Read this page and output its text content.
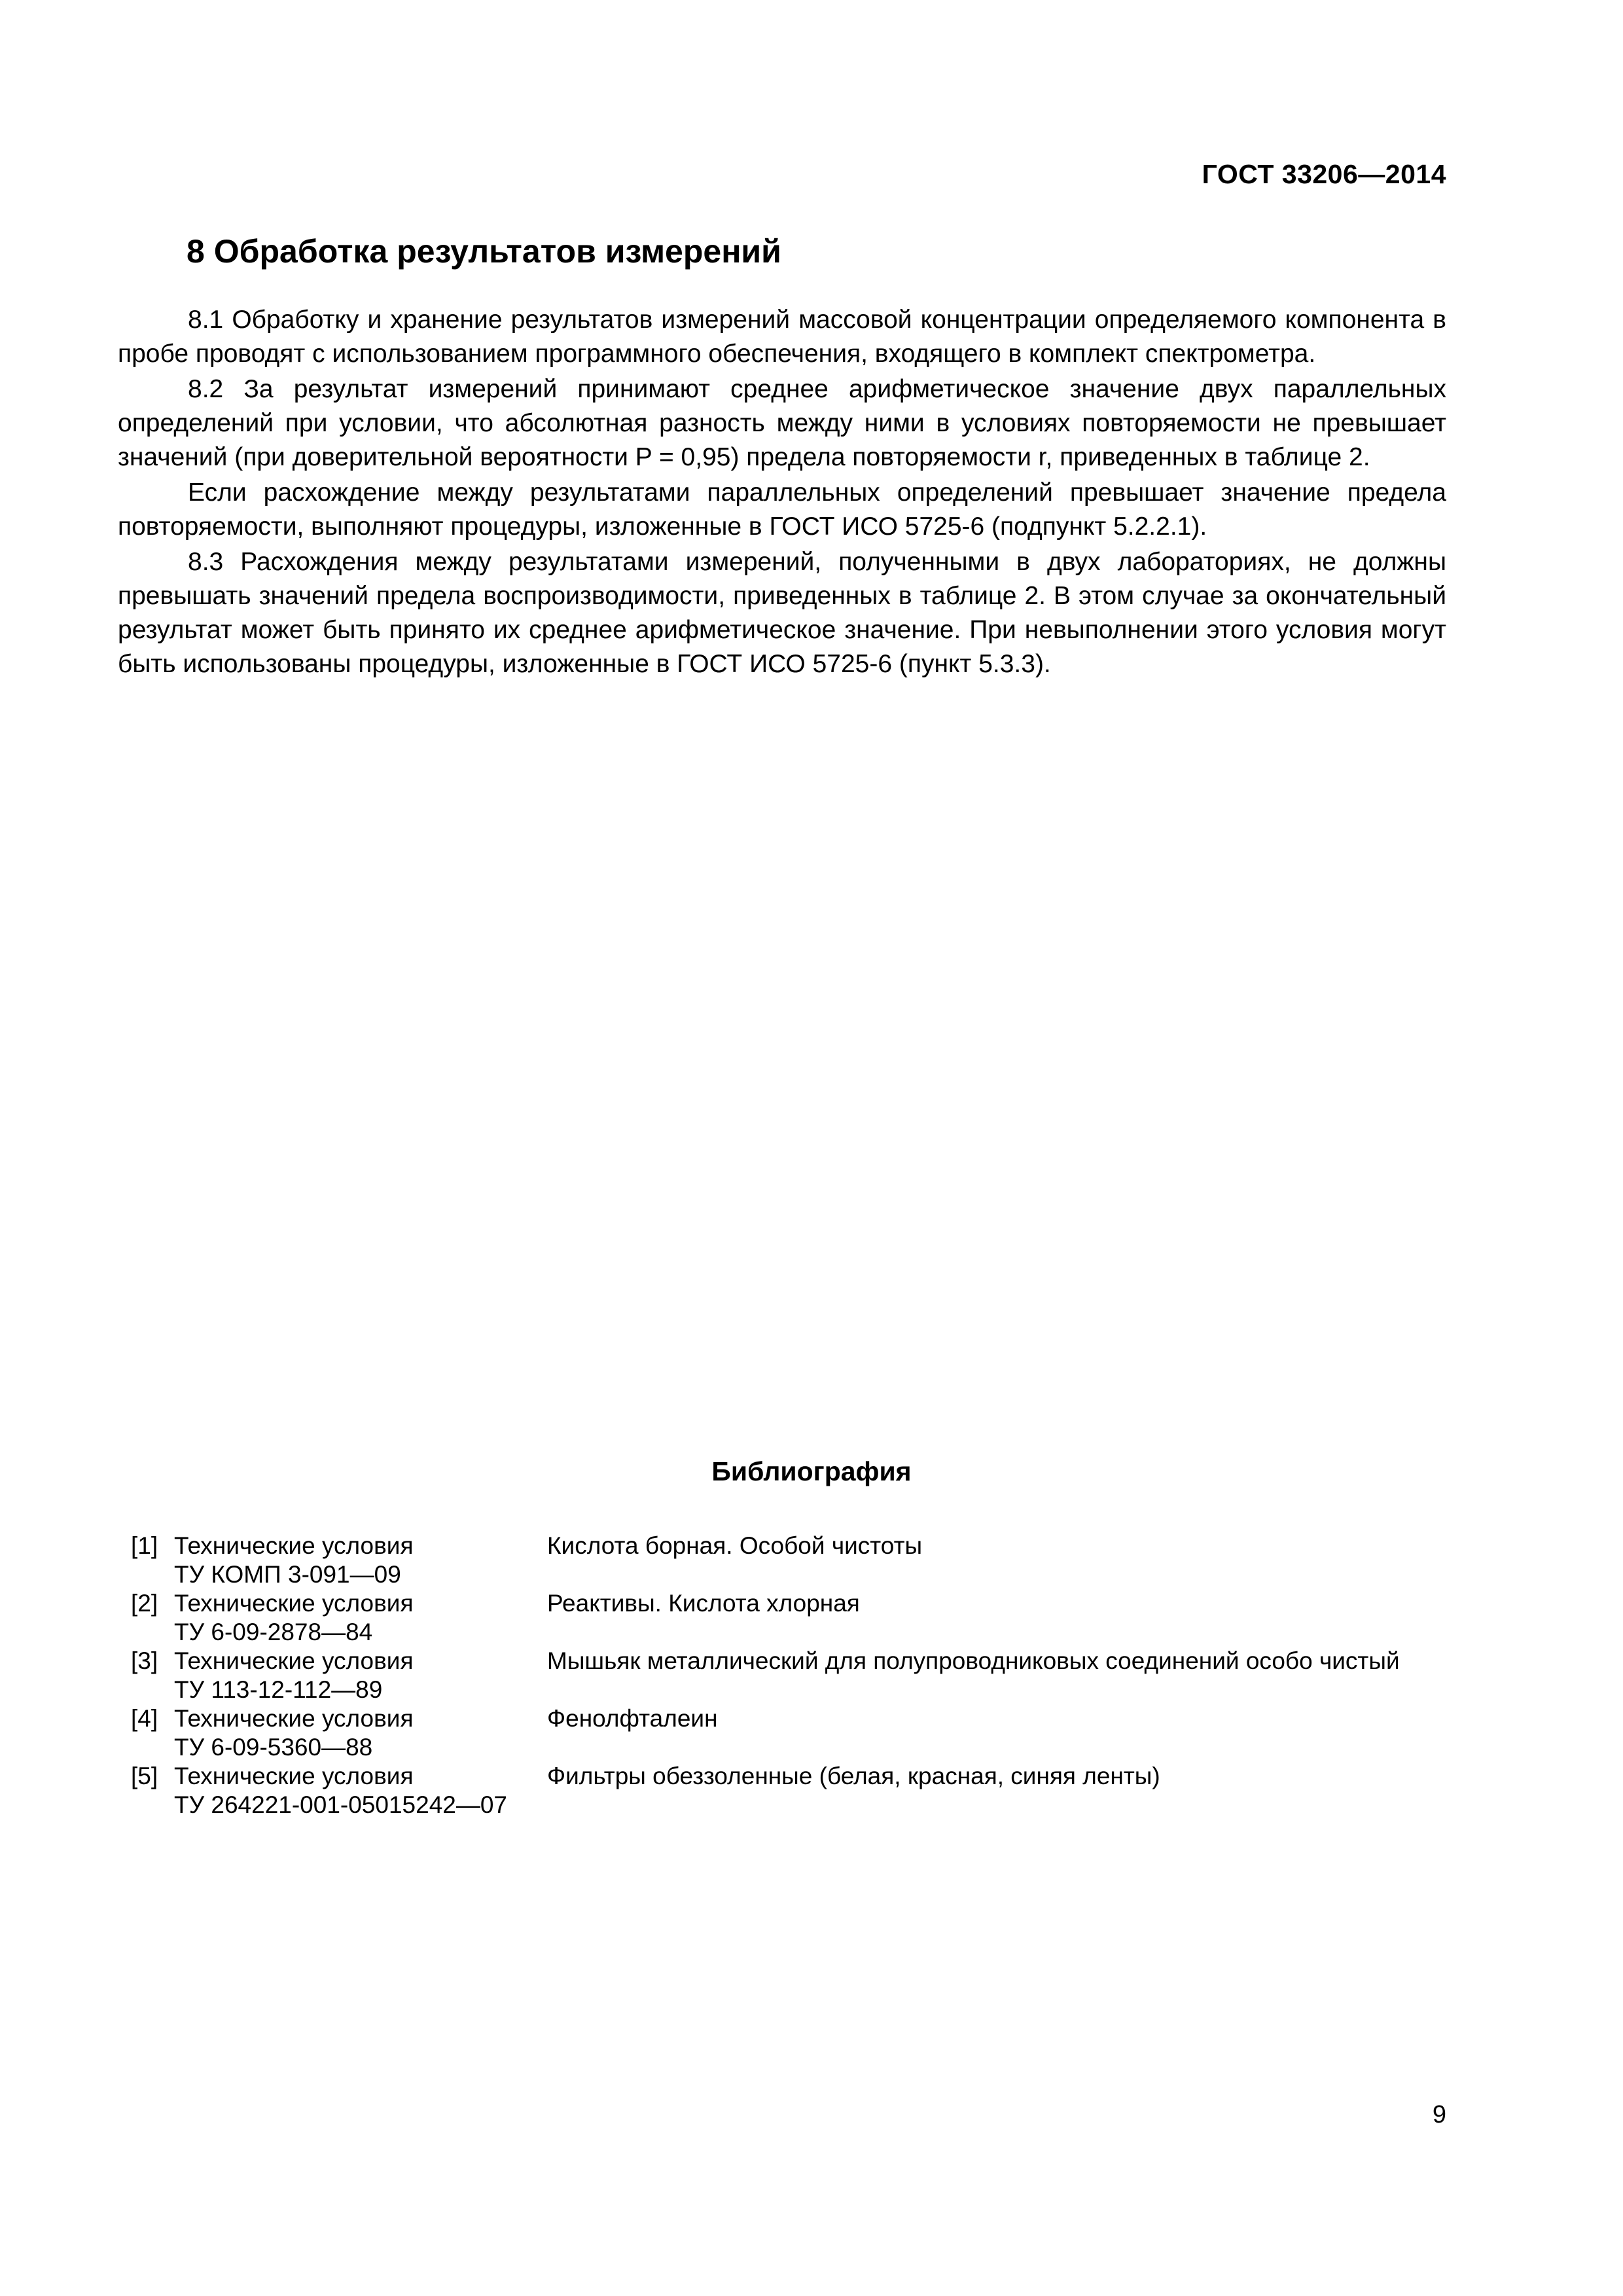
ГОСТ 33206—2014
8 Обработка результатов измерений

8.1 Обработку и хранение результатов измерений массовой концентрации определяемого компонента в пробе проводят с использованием программного обеспечения, входящего в комплект спектрометра.

8.2 За результат измерений принимают среднее арифметическое значение двух параллельных определений при условии, что абсолютная разность между ними в условиях повторяемости не превышает значений (при доверительной вероятности P = 0,95) предела повторяемости r, приведенных в таблице 2.

Если расхождение между результатами параллельных определений превышает значение предела повторяемости, выполняют процедуры, изложенные в ГОСТ ИСО 5725-6 (подпункт 5.2.2.1).

8.3 Расхождения между результатами измерений, полученными в двух лабораториях, не должны превышать значений предела воспроизводимости, приведенных в таблице 2. В этом случае за окончательный результат может быть принято их среднее арифметическое значение. При невыполнении этого условия могут быть использованы процедуры, изложенные в ГОСТ ИСО 5725-6 (пункт 5.3.3).

Библиография
[1] Технические условия
ТУ КОМП 3-091—09
Кислота борная. Особой чистоты
[2] Технические условия
ТУ 6-09-2878—84
Реактивы. Кислота хлорная
[3] Технические условия
ТУ 113-12-112—89
Мышьяк металлический для полупроводниковых соединений особо чистый
[4] Технические условия
ТУ 6-09-5360—88
Фенолфталеин
[5] Технические условия
ТУ 264221-001-05015242—07
Фильтры обеззоленные (белая, красная, синяя ленты)
9
